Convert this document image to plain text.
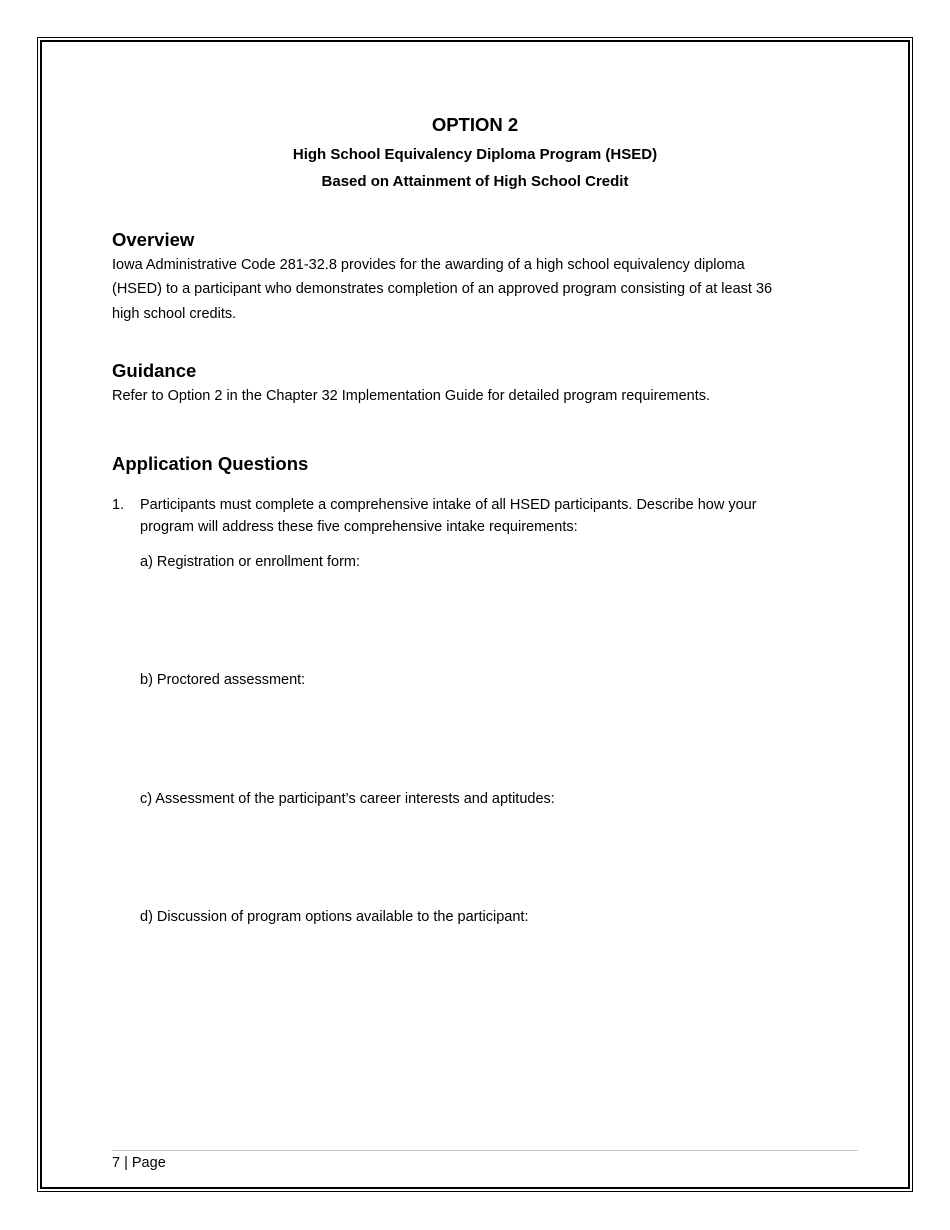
OPTION 2
High School Equivalency Diploma Program (HSED)
Based on Attainment of High School Credit
Overview
Iowa Administrative Code 281-32.8 provides for the awarding of a high school equivalency diploma
(HSED) to a participant who demonstrates completion of an approved program consisting of at least 36
high school credits.
Guidance
Refer to Option 2 in the Chapter 32 Implementation Guide for detailed program requirements.
Application Questions
1. Participants must complete a comprehensive intake of all HSED participants. Describe how your
program will address these five comprehensive intake requirements:
a) Registration or enrollment form:
b) Proctored assessment:
c) Assessment of the participant’s career interests and aptitudes:
d) Discussion of program options available to the participant:
7 | Page
